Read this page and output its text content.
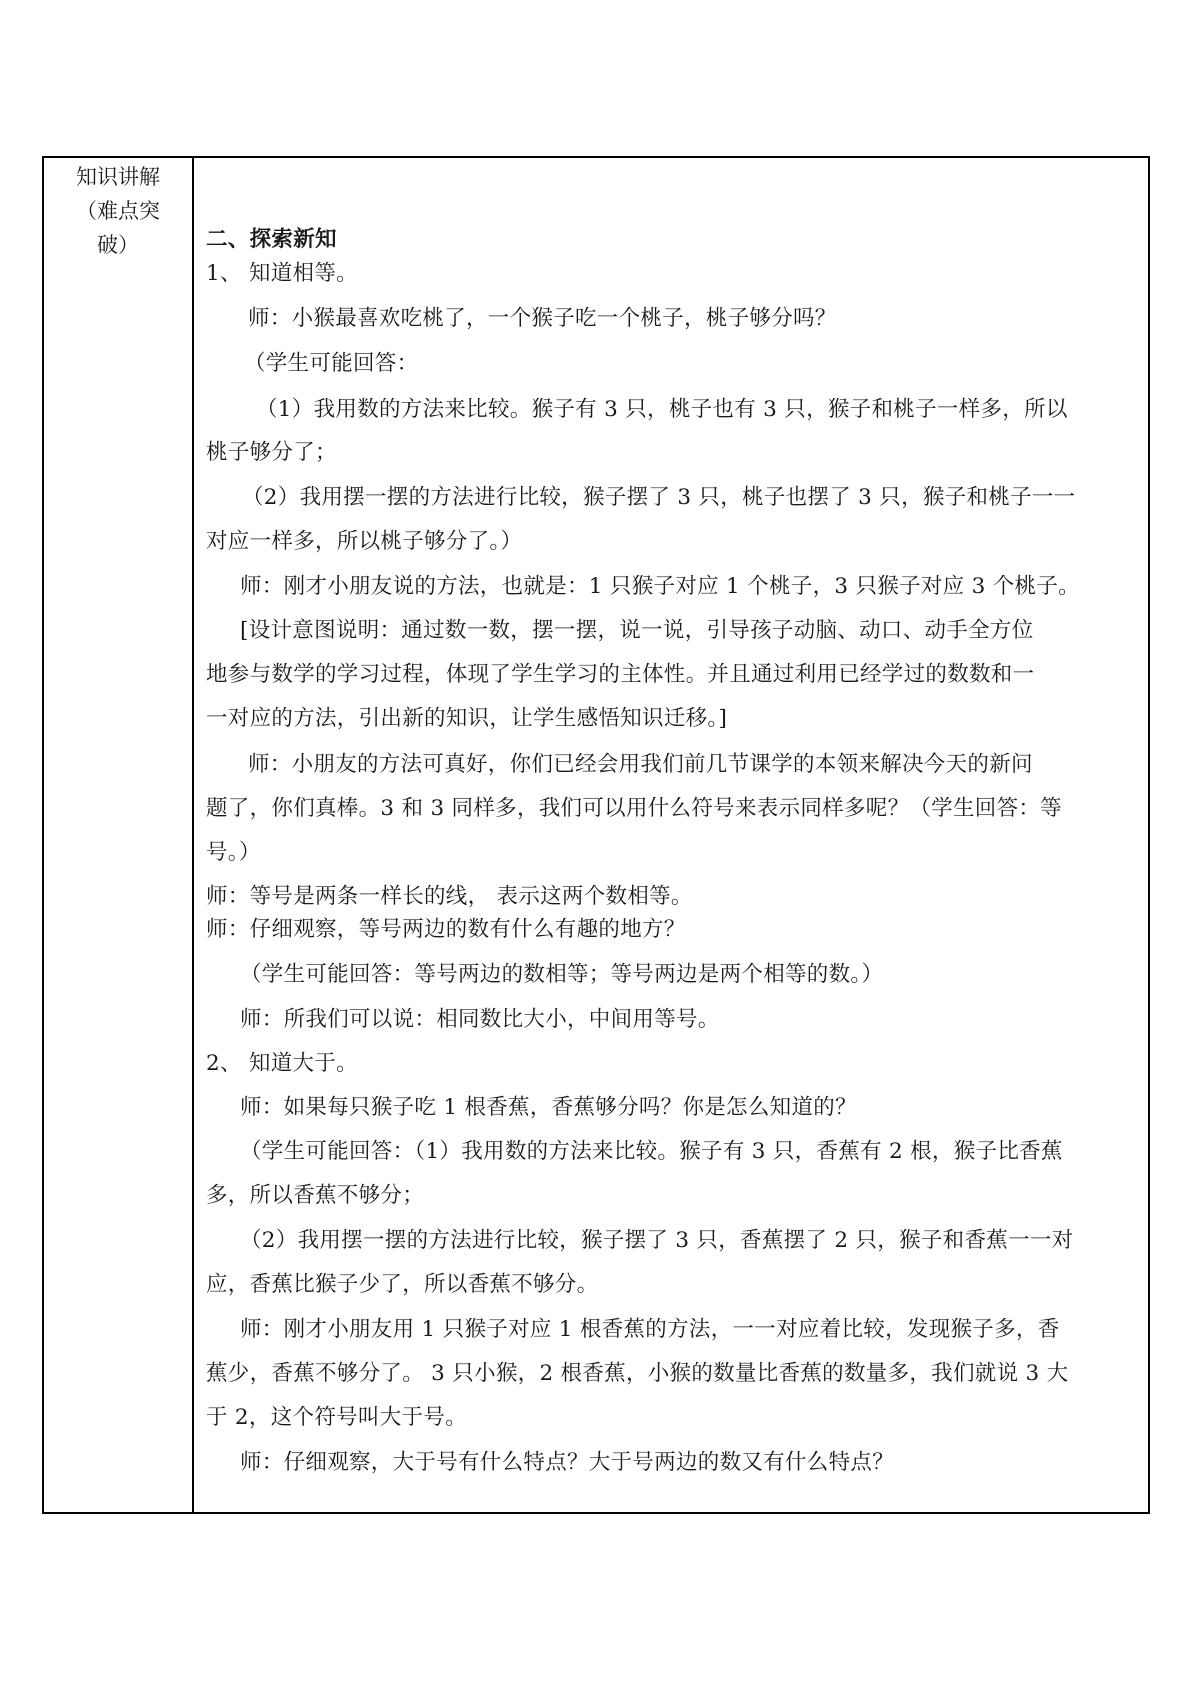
知识讲解
（难点突
破）	二、探索新知
1、 知道相等。
师：小猴最喜欢吃桃了，一个猴子吃一个桃子，桃子够分吗？
（学生可能回答：
（1）我用数的方法来比较。猴子有 3 只，桃子也有 3 只，猴子和桃子一样多，所以
桃子够分了；
（2）我用摆一摆的方法进行比较，猴子摆了 3 只，桃子也摆了 3 只，猴子和桃子一一
对应一样多，所以桃子够分了。）
师：刚才小朋友说的方法，也就是：1 只猴子对应 1 个桃子，3 只猴子对应 3 个桃子。
[设计意图说明：通过数一数，摆一摆，说一说，引导孩子动脑、动口、动手全方位
地参与数学的学习过程，体现了学生学习的主体性。并且通过利用已经学过的数数和一
一对应的方法，引出新的知识，让学生感悟知识迁移。]
师：小朋友的方法可真好，你们已经会用我们前几节课学的本领来解决今天的新问
题了，你们真棒。3 和 3 同样多，我们可以用什么符号来表示同样多呢？（学生回答：等
号。）
师：等号是两条一样长的线， 表示这两个数相等。
师：仔细观察，等号两边的数有什么有趣的地方？
（学生可能回答：等号两边的数相等；等号两边是两个相等的数。）
师：所我们可以说：相同数比大小，中间用等号。
2、 知道大于。
师：如果每只猴子吃 1 根香蕉，香蕉够分吗？你是怎么知道的？
（学生可能回答：（1）我用数的方法来比较。猴子有 3 只，香蕉有 2 根，猴子比香蕉
多，所以香蕉不够分；
（2）我用摆一摆的方法进行比较，猴子摆了 3 只，香蕉摆了 2 只，猴子和香蕉一一对
应，香蕉比猴子少了，所以香蕉不够分。
师：刚才小朋友用 1 只猴子对应 1 根香蕉的方法，一一对应着比较，发现猴子多，香
蕉少，香蕉不够分了。 3 只小猴，2 根香蕉，小猴的数量比香蕉的数量多，我们就说 3 大
于 2，这个符号叫大于号。
师：仔细观察，大于号有什么特点？大于号两边的数又有什么特点？
